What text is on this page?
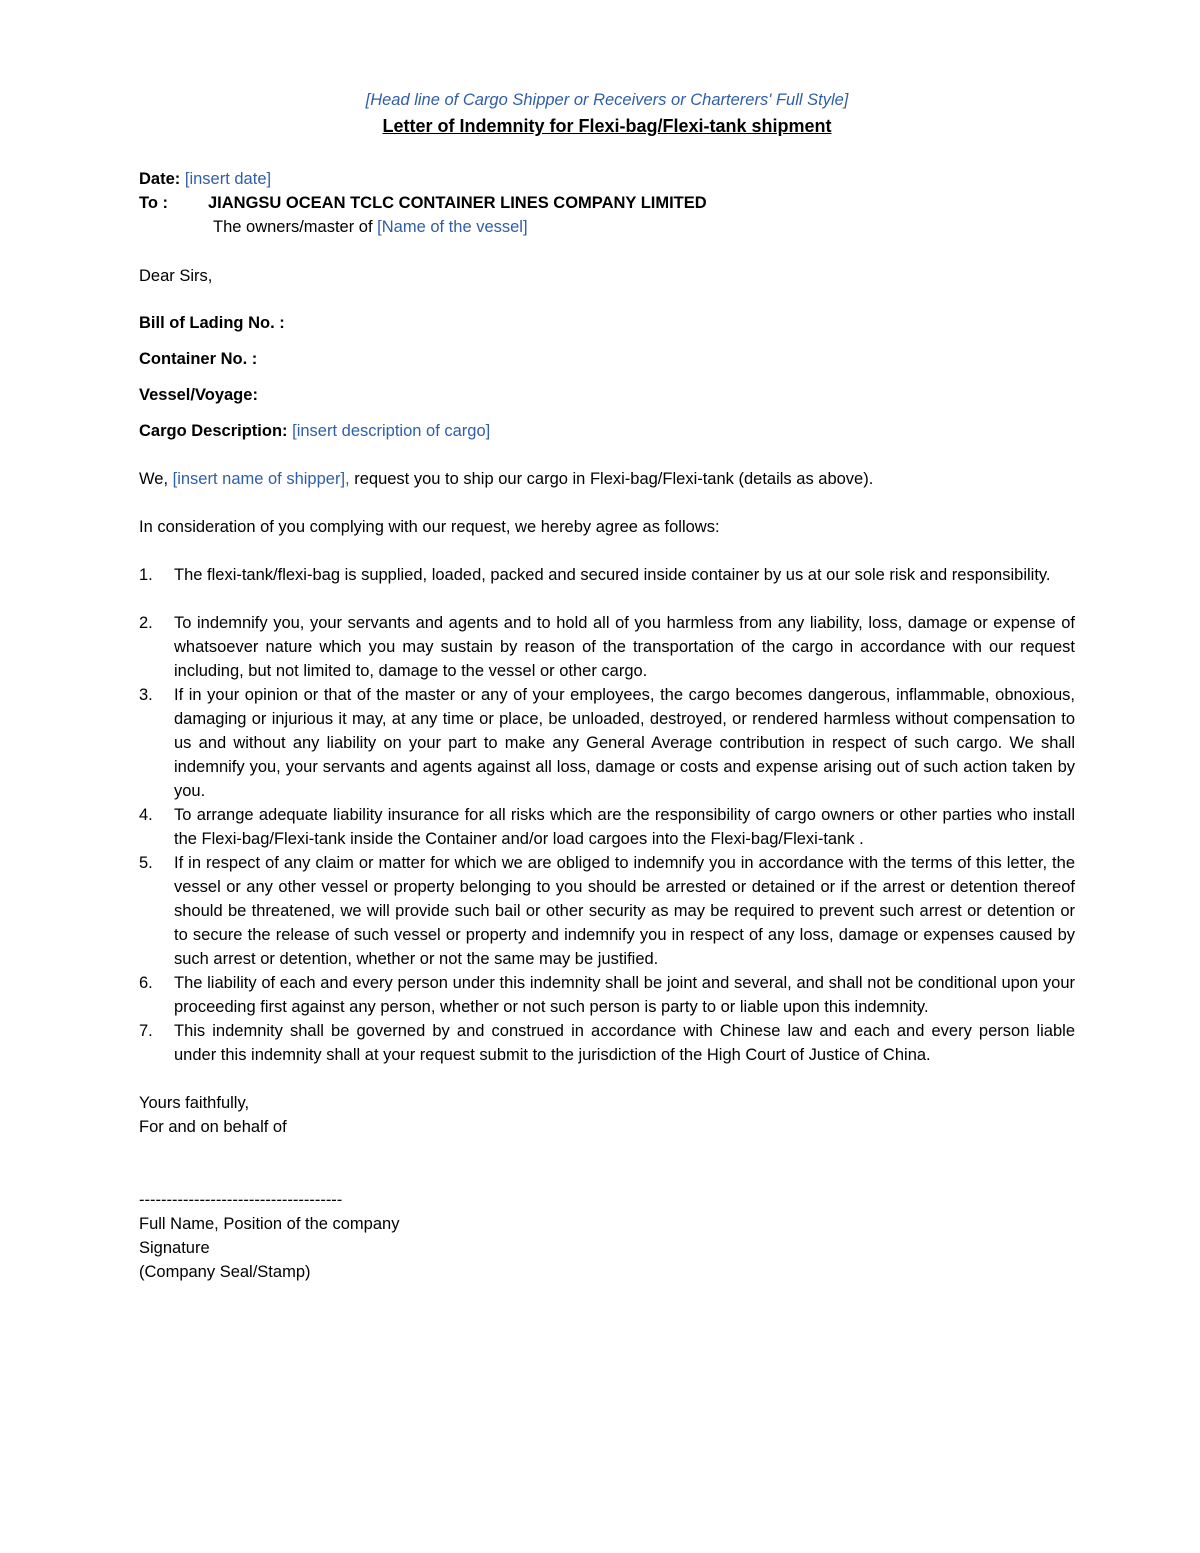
[Head line of Cargo Shipper or Receivers or Charterers' Full Style]

Letter of Indemnity for Flexi-bag/Flexi-tank shipment

Date: [insert date]

To :	JIANGSU OCEAN TCLC CONTAINER LINES COMPANY LIMITED

The owners/master of [Name of the vessel]

Dear Sirs,

Bill of Lading No. :

Container No. :

Vessel/Voyage:

Cargo Description: [insert description of cargo]

We, [insert name of shipper], request you to ship our cargo in Flexi-bag/Flexi-tank (details as above).

In consideration of you complying with our request, we hereby agree as follows:

1. The flexi-tank/flexi-bag is supplied, loaded, packed and secured inside container by us at our sole risk and responsibility.
2. To indemnify you, your servants and agents and to hold all of you harmless from any liability, loss, damage or expense of whatsoever nature which you may sustain by reason of the transportation of the cargo in accordance with our request including, but not limited to, damage to the vessel or other cargo.
3. If in your opinion or that of the master or any of your employees, the cargo becomes dangerous, inflammable, obnoxious, damaging or injurious it may, at any time or place, be unloaded, destroyed, or rendered harmless without compensation to us and without any liability on your part to make any General Average contribution in respect of such cargo. We shall indemnify you, your servants and agents against all loss, damage or costs and expense arising out of such action taken by you.
4. To arrange adequate liability insurance for all risks which are the responsibility of cargo owners or other parties who install the Flexi-bag/Flexi-tank inside the Container and/or load cargoes into the Flexi-bag/Flexi-tank .
5. If in respect of any claim or matter for which we are obliged to indemnify you in accordance with the terms of this letter, the vessel or any other vessel or property belonging to you should be arrested or detained or if the arrest or detention thereof should be threatened, we will provide such bail or other security as may be required to prevent such arrest or detention or to secure the release of such vessel or property and indemnify you in respect of any loss, damage or expenses caused by such arrest or detention, whether or not the same may be justified.
6. The liability of each and every person under this indemnity shall be joint and several, and shall not be conditional upon your proceeding first against any person, whether or not such person is party to or liable upon this indemnity.
7. This indemnity shall be governed by and construed in accordance with Chinese law and each and every person liable under this indemnity shall at your request submit to the jurisdiction of the High Court of Justice of China.

Yours faithfully,

For and on behalf of

-------------------------------------

Full Name, Position of the company

Signature

(Company Seal/Stamp)
